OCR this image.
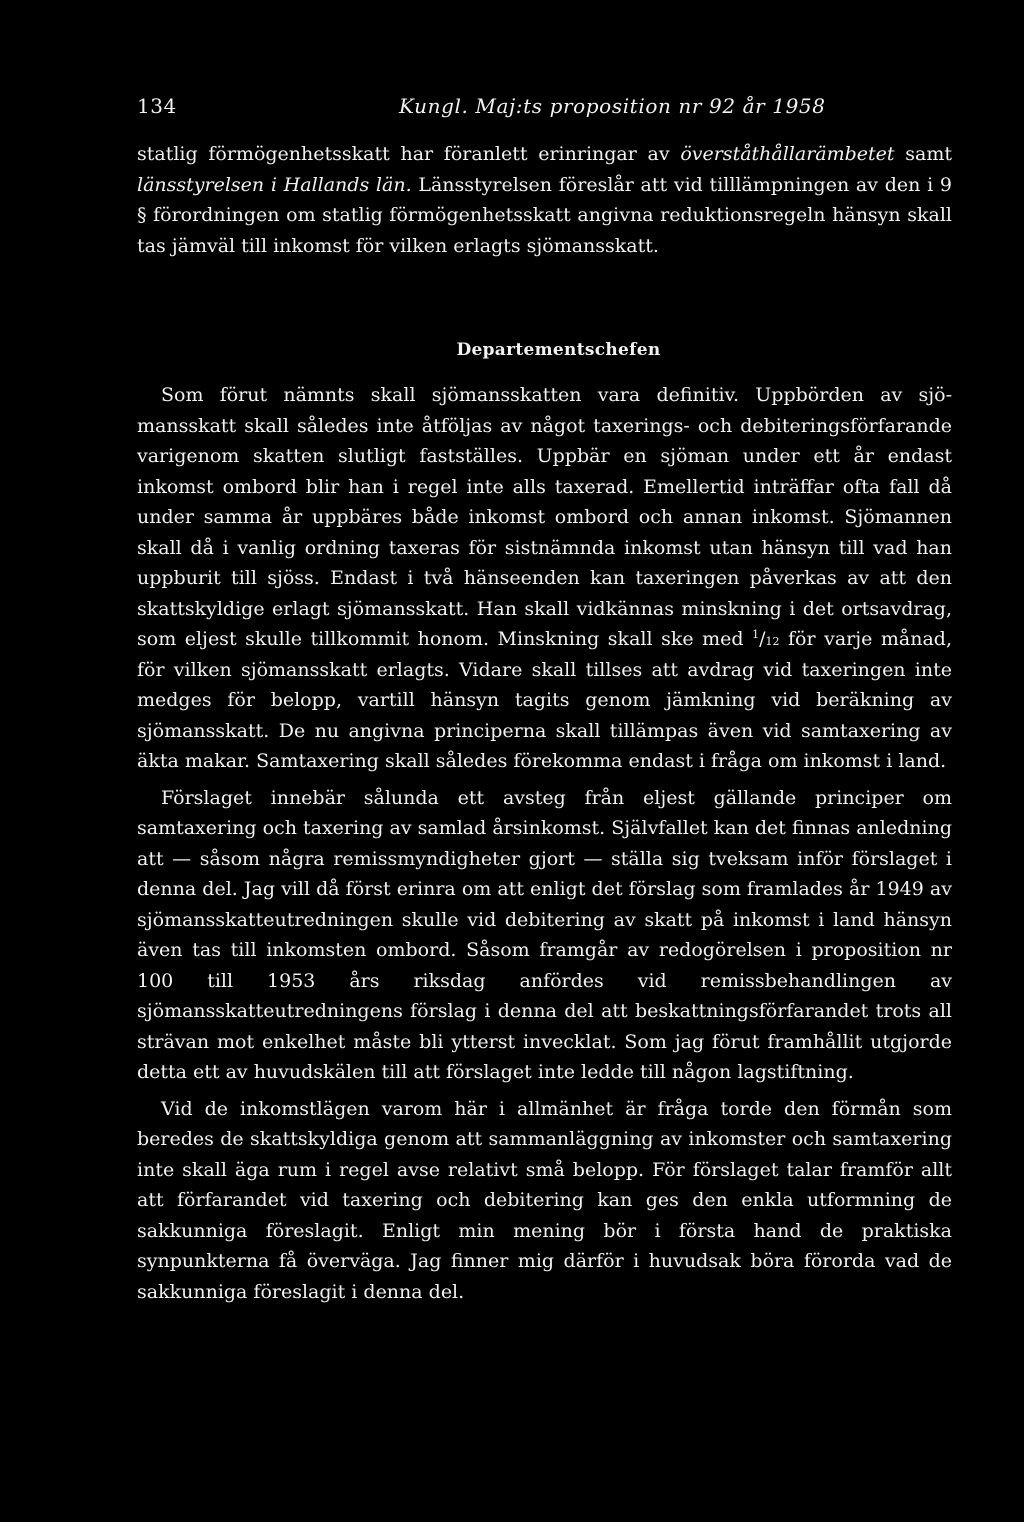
134	Kungl. Maj:ts proposition nr 92 år 1958

statlig förmögenhetsskatt har föranlett erinringar av överståthållarämbetet samt länsstyrelsen i Hallands län. Länsstyrelsen föreslår att vid tilllämpningen av den i 9 § förordningen om statlig förmögenhetsskatt angivna reduktionsregeln hänsyn skall tas jämväl till inkomst för vilken erlagts sjömansskatt.

Departementschefen

Som förut nämnts skall sjömansskatten vara definitiv. Uppbörden av sjömansskatt skall således inte åtföljas av något taxerings- och debiteringsförfarande varigenom skatten slutligt fastställes. Uppbär en sjöman under ett år endast inkomst ombord blir han i regel inte alls taxerad. Emellertid inträffar ofta fall då under samma år uppbäres både inkomst ombord och annan inkomst. Sjömannen skall då i vanlig ordning taxeras för sistnämnda inkomst utan hänsyn till vad han uppburit till sjöss. Endast i två hänseenden kan taxeringen påverkas av att den skattskyldige erlagt sjömansskatt. Han skall vidkännas minskning i det ortsavdrag, som eljest skulle tillkommit honom. Minskning skall ske med $^1$/12 för varje månad, för vilken sjömansskatt erlagts. Vidare skall tillses att avdrag vid taxeringen inte medges för belopp, vartill hänsyn tagits genom jämkning vid beräkning av sjömansskatt. De nu angivna principerna skall tillämpas även vid samtaxering av äkta makar. Samtaxering skall således förekomma endast i fråga om inkomst i land.

Förslaget innebär sålunda ett avsteg från eljest gällande principer om samtaxering och taxering av samlad årsinkomst. Självfallet kan det finnas anledning att — såsom några remissmyndigheter gjort — ställa sig tveksam inför förslaget i denna del. Jag vill då först erinra om att enligt det förslag som framlades år 1949 av sjömansskatteutredningen skulle vid debitering av skatt på inkomst i land hänsyn även tas till inkomsten ombord. Såsom framgår av redogörelsen i proposition nr 100 till 1953 års riksdag anfördes vid remissbehandlingen av sjömansskatteutredningens förslag i denna del att beskattningsförfarandet trots all strävan mot enkelhet måste bli ytterst invecklat. Som jag förut framhållit utgjorde detta ett av huvudskälen till att förslaget inte ledde till någon lagstiftning.

Vid de inkomstlägen varom här i allmänhet är fråga torde den förmån som beredes de skattskyldiga genom att sammanläggning av inkomster och samtaxering inte skall äga rum i regel avse relativt små belopp. För förslaget talar framför allt att förfarandet vid taxering och debitering kan ges den enkla utformning de sakkunniga föreslagit. Enligt min mening bör i första hand de praktiska synpunkterna få överväga. Jag finner mig därför i huvudsak böra förorda vad de sakkunniga föreslagit i denna del.
